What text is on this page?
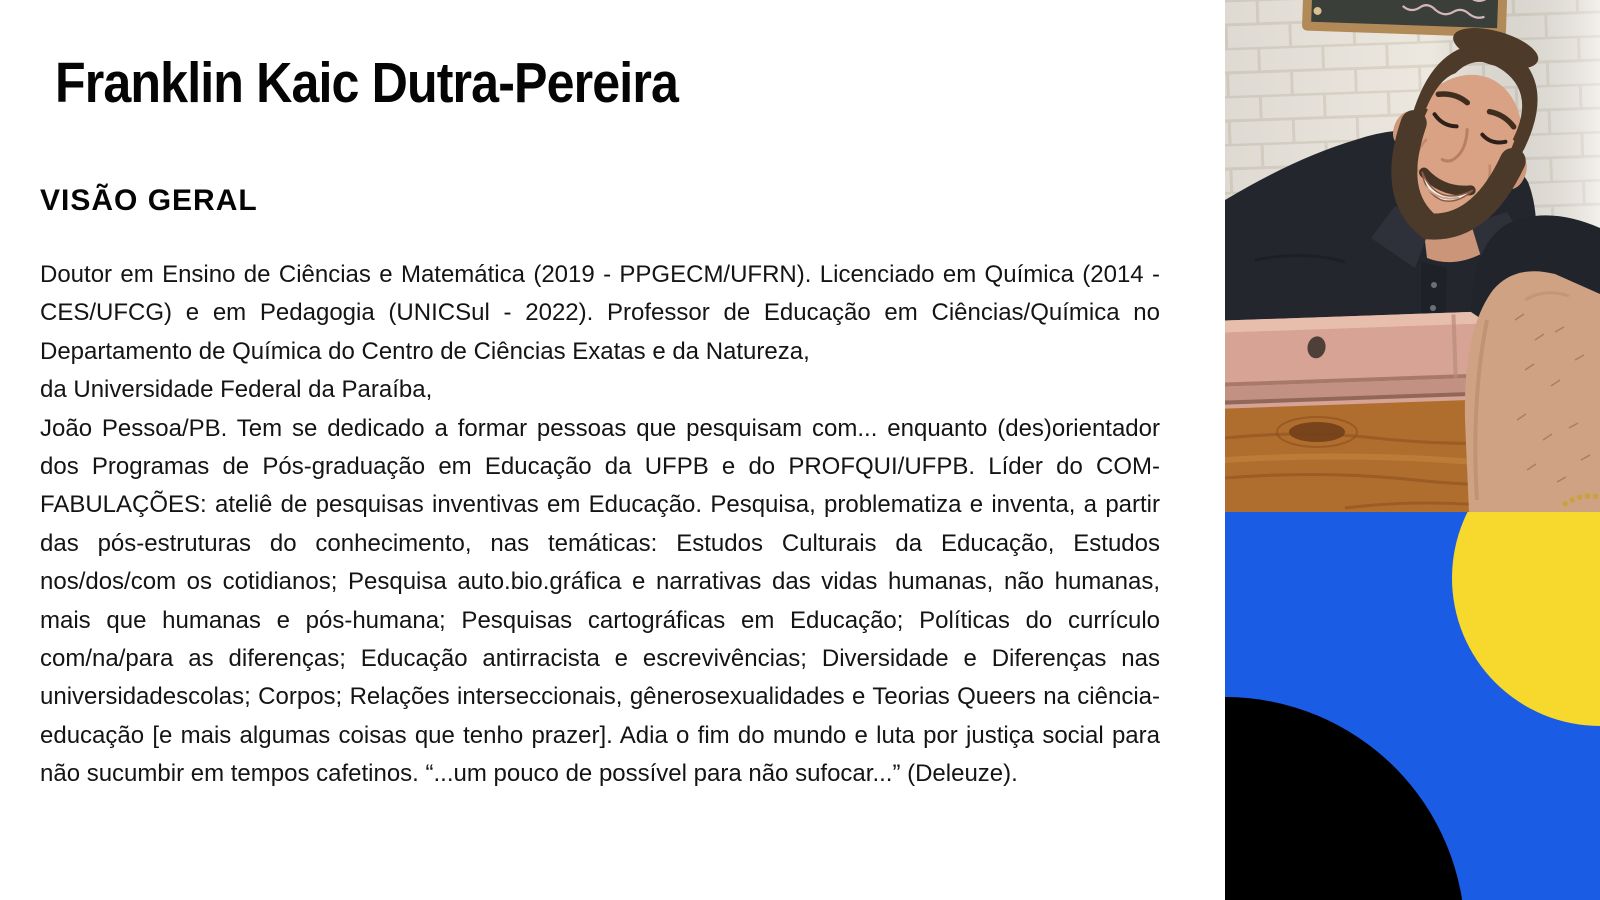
Franklin Kaic Dutra-Pereira
VISÃO GERAL

Doutor em Ensino de Ciências e Matemática (2019 - PPGECM/UFRN). Licenciado em Química (2014 - CES/UFCG) e em Pedagogia (UNICSul - 2022). Professor de Educação em Ciências/Química no Departamento de Química do Centro de Ciências Exatas e da Natureza,

da Universidade Federal da Paraíba,

João Pessoa/PB. Tem se dedicado a formar pessoas que pesquisam com... enquanto (des)orientador dos Programas de Pós-graduação em Educação da UFPB e do PROFQUI/UFPB. Líder do COM-FABULAÇÕES: ateliê de pesquisas inventivas em Educação. Pesquisa, problematiza e inventa, a partir das pós-estruturas do conhecimento, nas temáticas: Estudos Culturais da Educação, Estudos nos/dos/com os cotidianos; Pesquisa auto.bio.gráfica e narrativas das vidas humanas, não humanas, mais que humanas e pós-humana; Pesquisas cartográficas em Educação; Políticas do currículo com/na/para as diferenças; Educação antirracista e escrevivências; Diversidade e Diferenças nas universidadescolas; Corpos; Relações interseccionais, gênerosexualidades e Teorias Queers na ciência-educação [e mais algumas coisas que tenho prazer]. Adia o fim do mundo e luta por justiça social para não sucumbir em tempos cafetinos. “...um pouco de possível para não sufocar...” (Deleuze).
